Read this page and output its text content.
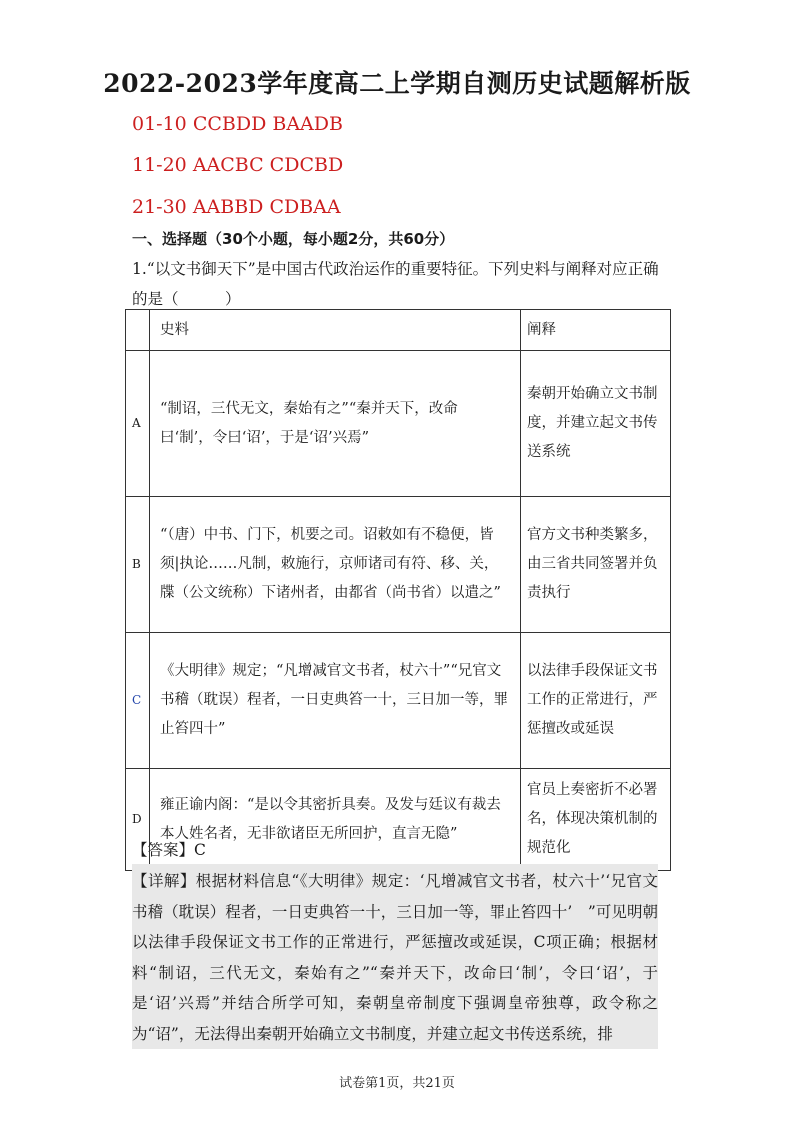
2022-2023学年度高二上学期自测历史试题解析版
01-10 CCBDD BAADB
11-20 AACBC CDCBD
21-30 AABBD CDBAA
一、选择题（30个小题，每小题2分，共60分）
1.“以文书御天下”是中国古代政治运作的重要特征。下列史料与阐释对应正确的是（　　　）
	史料	阐释
A	“制诏，三代无文，秦始有之”“秦并天下，改命曰‘制’，令曰‘诏’，于是‘诏’兴焉”	秦朝开始确立文书制度，并建立起文书传送系统
B	“（唐）中书、门下，机要之司。诏敕如有不稳便，皆须|执论……凡制，敕施行，京师诸司有符、移、关，牒（公文统称）下诸州者，由都省（尚书省）以遣之”	官方文书种类繁多，由三省共同签署并负责执行
C	《大明律》规定；“凡增减官文书者，杖六十”“兄官文书稽（耽误）程者，一日吏典笞一十，三日加一等，罪止笞四十”	以法律手段保证文书工作的正常进行，严惩擅改或延误
D	雍正谕内阁：“是以令其密折具奏。及发与廷议有裁去本人姓名者，无非欲诸臣无所回护，直言无隐”	官员上奏密折不必署名，体现决策机制的规范化
【答案】C
【详解】根据材料信息“《大明律》规定：‘凡增减官文书者，杖六十’‘兄官文书稽（耽误）程者，一日吏典笞一十，三日加一等，罪止笞四十’　”可见明朝以法律手段保证文书工作的正常进行，严惩擅改或延误，C项正确；根据材料“制诏，三代无文，秦始有之”“秦并天下，改命曰‘制’，令曰‘诏’，于是‘诏’兴焉”并结合所学可知，秦朝皇帝制度下强调皇帝独尊，政令称之为“诏”，无法得出秦朝开始确立文书制度，并建立起文书传送系统，排
试卷第1页，共21页
